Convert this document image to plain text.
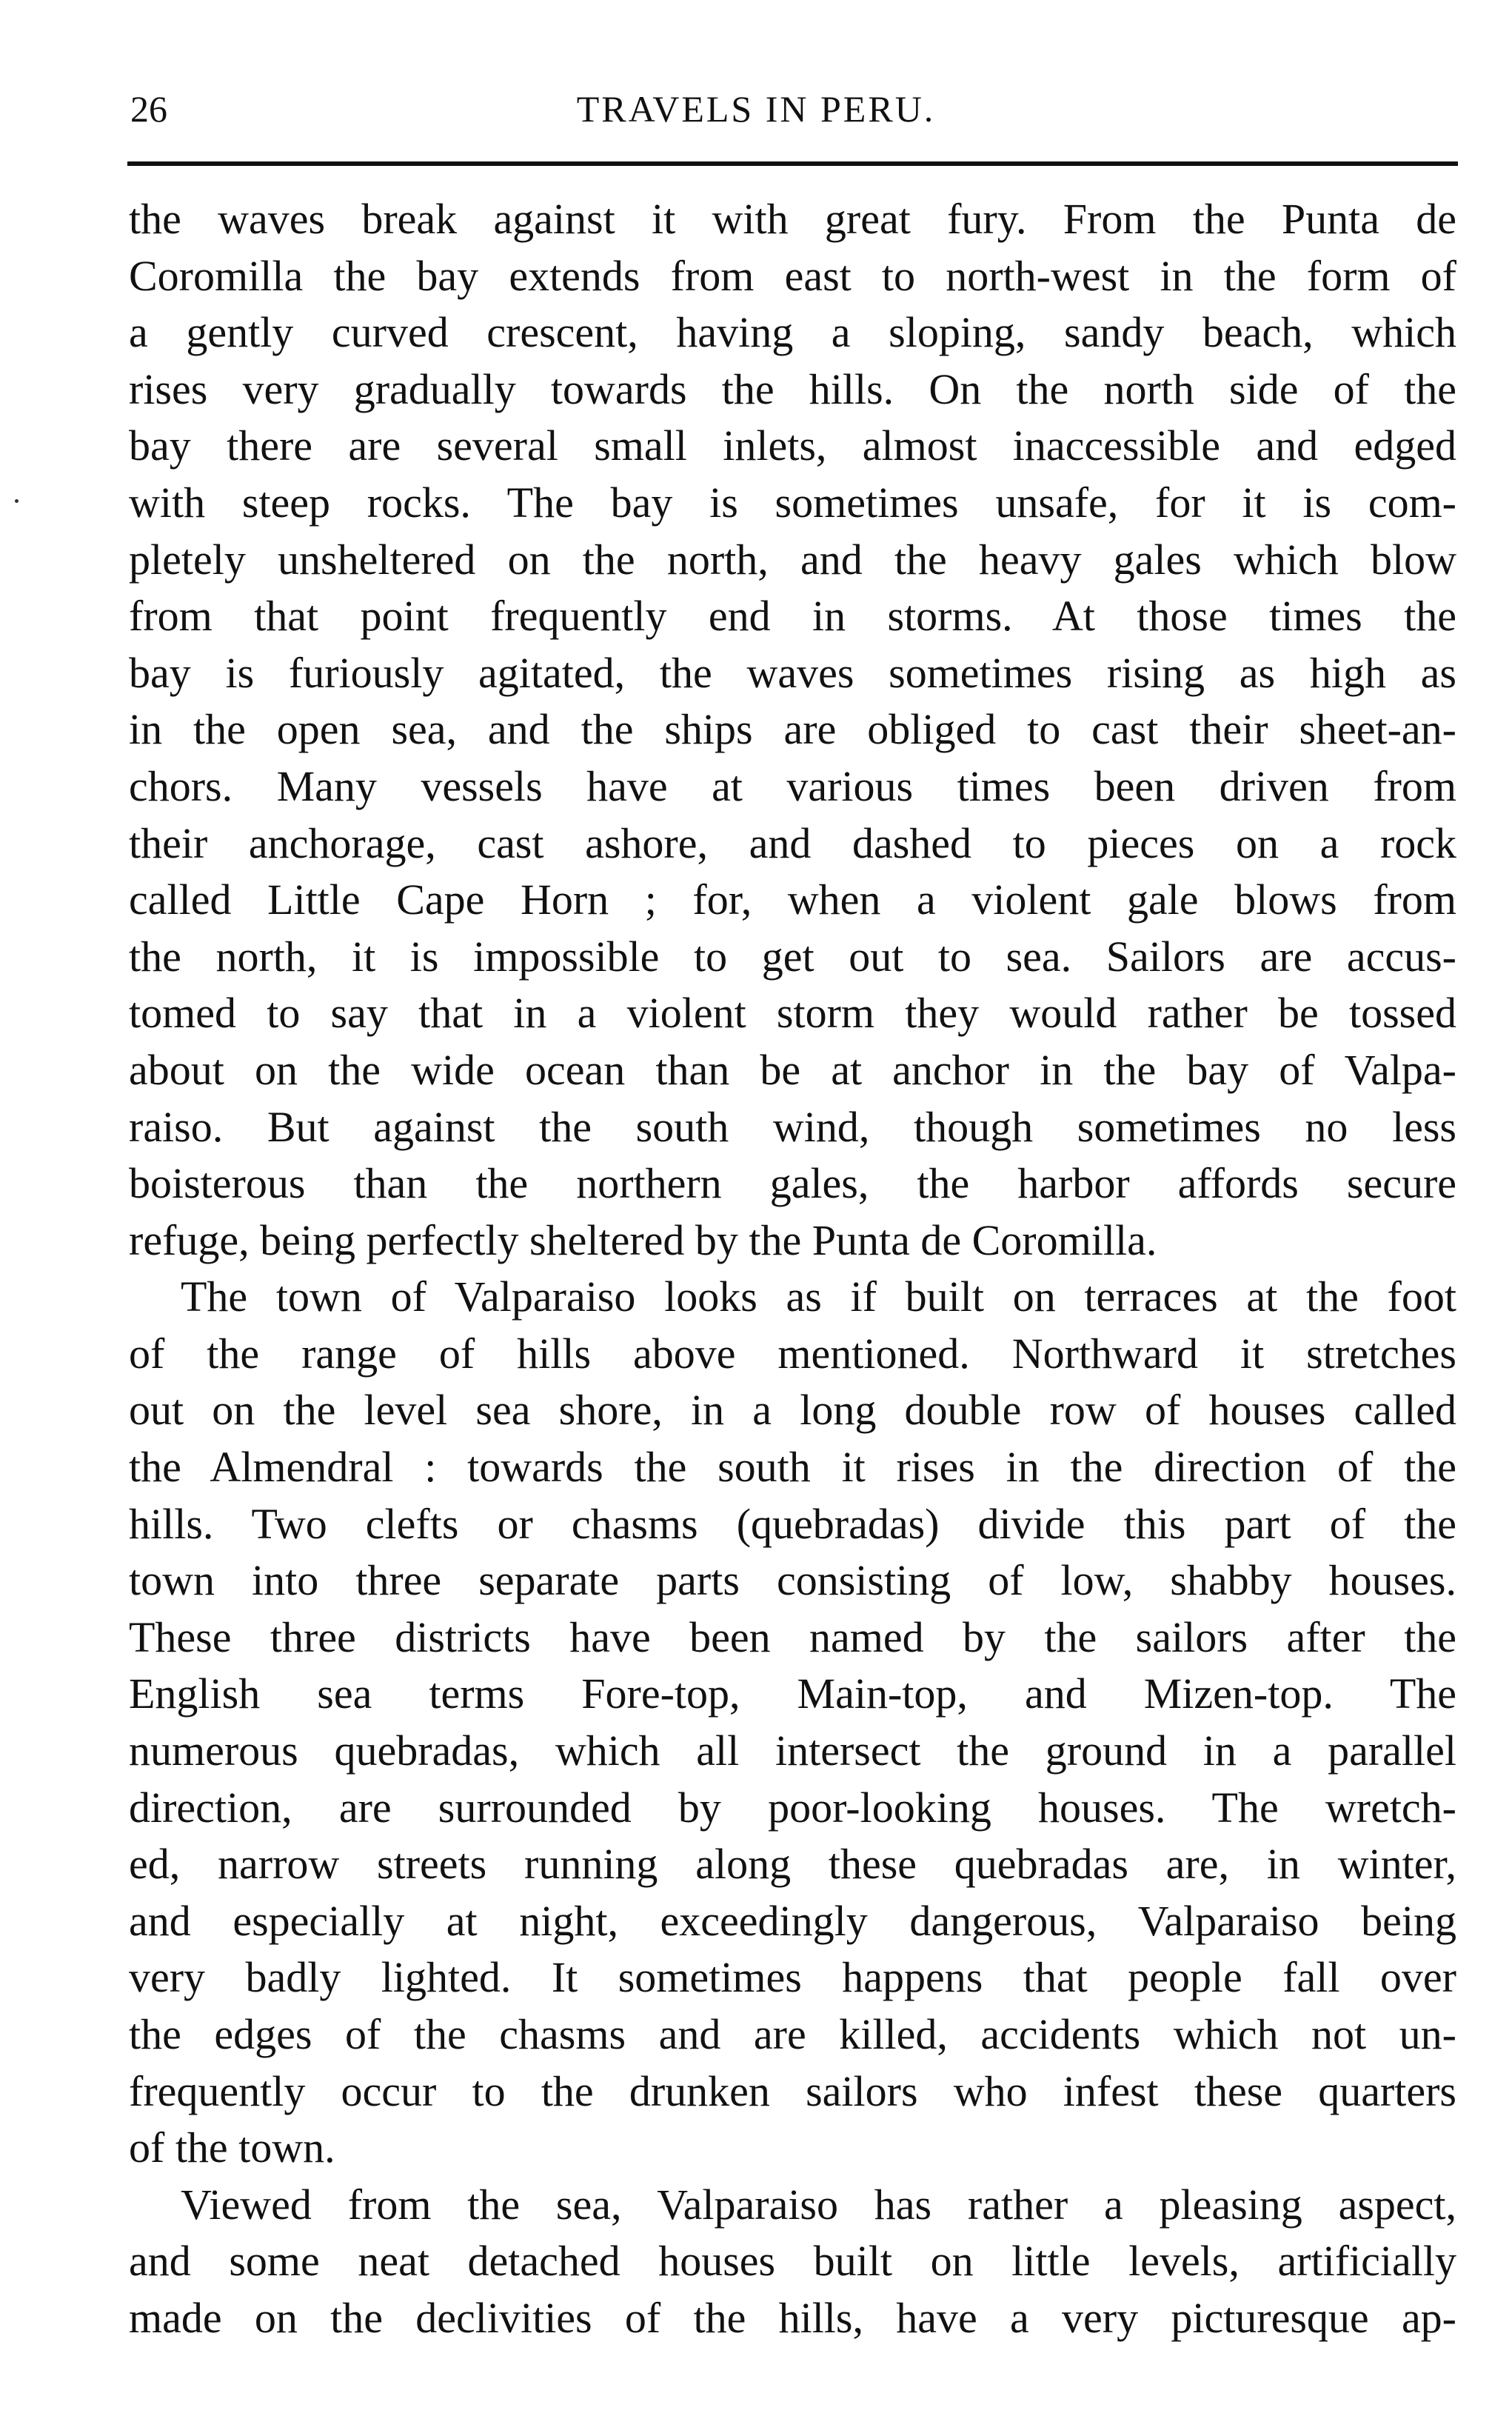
26	TRAVELS IN PERU.
the waves break against it with great fury. From the Punta de
Coromilla the bay extends from east to north-west in the form of
a gently curved crescent, having a sloping, sandy beach, which
rises very gradually towards the hills. On the north side of the
bay there are several small inlets, almost inaccessible and edged
with steep rocks. The bay is sometimes unsafe, for it is com-
pletely unsheltered on the north, and the heavy gales which blow
from that point frequently end in storms. At those times the
bay is furiously agitated, the waves sometimes rising as high as
in the open sea, and the ships are obliged to cast their sheet-an-
chors. Many vessels have at various times been driven from
their anchorage, cast ashore, and dashed to pieces on a rock
called Little Cape Horn ; for, when a violent gale blows from
the north, it is impossible to get out to sea. Sailors are accus-
tomed to say that in a violent storm they would rather be tossed
about on the wide ocean than be at anchor in the bay of Valpa-
raiso. But against the south wind, though sometimes no less
boisterous than the northern gales, the harbor affords secure
refuge, being perfectly sheltered by the Punta de Coromilla.
The town of Valparaiso looks as if built on terraces at the foot
of the range of hills above mentioned. Northward it stretches
out on the level sea shore, in a long double row of houses called
the Almendral : towards the south it rises in the direction of the
hills. Two clefts or chasms (quebradas) divide this part of the
town into three separate parts consisting of low, shabby houses.
These three districts have been named by the sailors after the
English sea terms Fore-top, Main-top, and Mizen-top. The
numerous quebradas, which all intersect the ground in a parallel
direction, are surrounded by poor-looking houses. The wretch-
ed, narrow streets running along these quebradas are, in winter,
and especially at night, exceedingly dangerous, Valparaiso being
very badly lighted. It sometimes happens that people fall over
the edges of the chasms and are killed, accidents which not un-
frequently occur to the drunken sailors who infest these quarters
of the town.
Viewed from the sea, Valparaiso has rather a pleasing aspect,
and some neat detached houses built on little levels, artificially
made on the declivities of the hills, have a very picturesque ap-
